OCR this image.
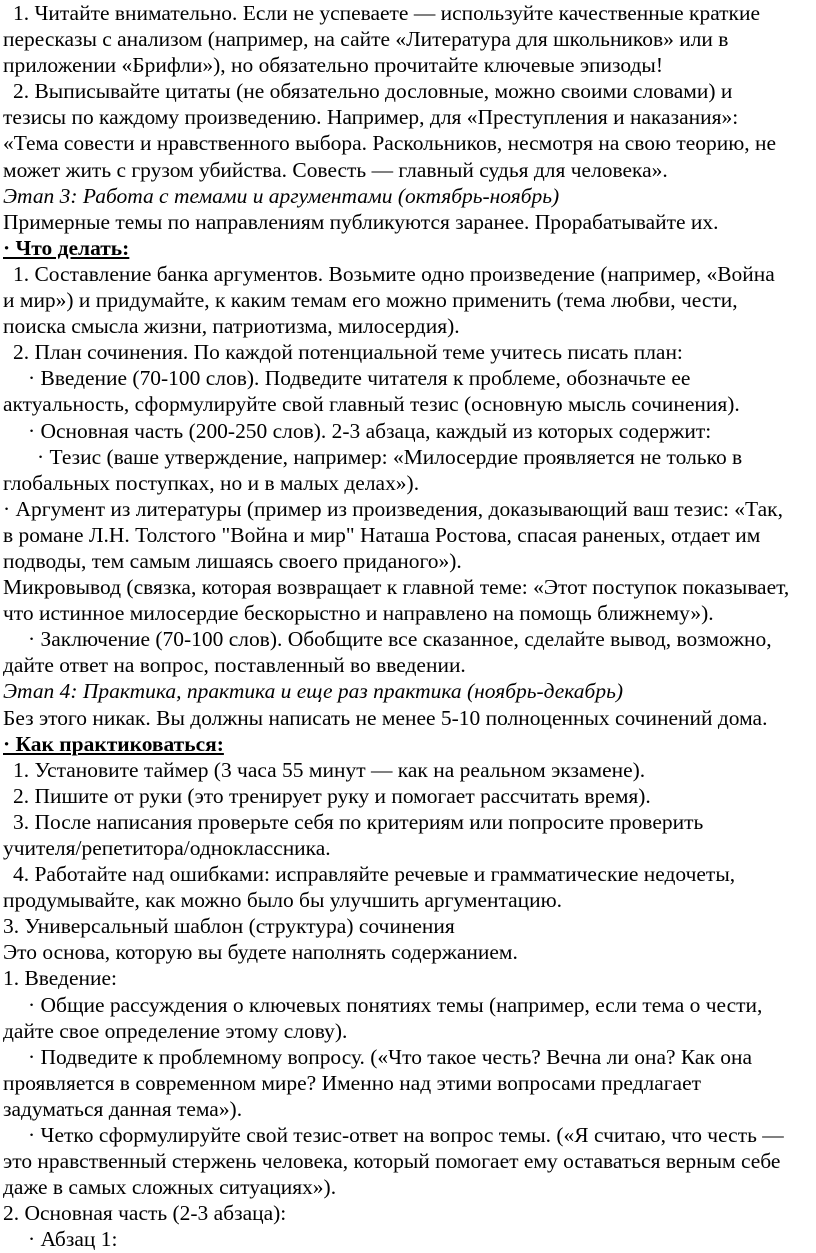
1. Читайте внимательно. Если не успеваете — используйте качественные краткие
пересказы с анализом (например, на сайте «Литература для школьников» или в
приложении «Брифли»), но обязательно прочитайте ключевые эпизоды!
2. Выписывайте цитаты (не обязательно дословные, можно своими словами) и
тезисы по каждому произведению. Например, для «Преступления и наказания»:
«Тема совести и нравственного выбора. Раскольников, несмотря на свою теорию, не
может жить с грузом убийства. Совесть — главный судья для человека».
Этап 3: Работа с темами и аргументами (октябрь-ноябрь)
Примерные темы по направлениям публикуются заранее. Прорабатывайте их.
· Что делать:
1. Составление банка аргументов. Возьмите одно произведение (например, «Война
и мир») и придумайте, к каким темам его можно применить (тема любви, чести,
поиска смысла жизни, патриотизма, милосердия).
2. План сочинения. По каждой потенциальной теме учитесь писать план:
· Введение (70-100 слов). Подведите читателя к проблеме, обозначьте ее
актуальность, сформулируйте свой главный тезис (основную мысль сочинения).
· Основная часть (200-250 слов). 2-3 абзаца, каждый из которых содержит:
· Тезис (ваше утверждение, например: «Милосердие проявляется не только в
глобальных поступках, но и в малых делах»).
· Аргумент из литературы (пример из произведения, доказывающий ваш тезис: «Так,
в романе Л.Н. Толстого "Война и мир" Наташа Ростова, спасая раненых, отдает им
подводы, тем самым лишаясь своего приданого»).
Микровывод (связка, которая возвращает к главной теме: «Этот поступок показывает,
что истинное милосердие бескорыстно и направлено на помощь ближнему»).
· Заключение (70-100 слов). Обобщите все сказанное, сделайте вывод, возможно,
дайте ответ на вопрос, поставленный во введении.
Этап 4: Практика, практика и еще раз практика (ноябрь-декабрь)
Без этого никак. Вы должны написать не менее 5-10 полноценных сочинений дома.
· Как практиковаться:
1. Установите таймер (3 часа 55 минут — как на реальном экзамене).
2. Пишите от руки (это тренирует руку и помогает рассчитать время).
3. После написания проверьте себя по критериям или попросите проверить
учителя/репетитора/одноклассника.
4. Работайте над ошибками: исправляйте речевые и грамматические недочеты,
продумывайте, как можно было бы улучшить аргументацию.
3. Универсальный шаблон (структура) сочинения
Это основа, которую вы будете наполнять содержанием.
1. Введение:
· Общие рассуждения о ключевых понятиях темы (например, если тема о чести,
дайте свое определение этому слову).
· Подведите к проблемному вопросу. («Что такое честь? Вечна ли она? Как она
проявляется в современном мире? Именно над этими вопросами предлагает
задуматься данная тема»).
· Четко сформулируйте свой тезис-ответ на вопрос темы. («Я считаю, что честь —
это нравственный стержень человека, который помогает ему оставаться верным себе
даже в самых сложных ситуациях»).
2. Основная часть (2-3 абзаца):
· Абзац 1:
